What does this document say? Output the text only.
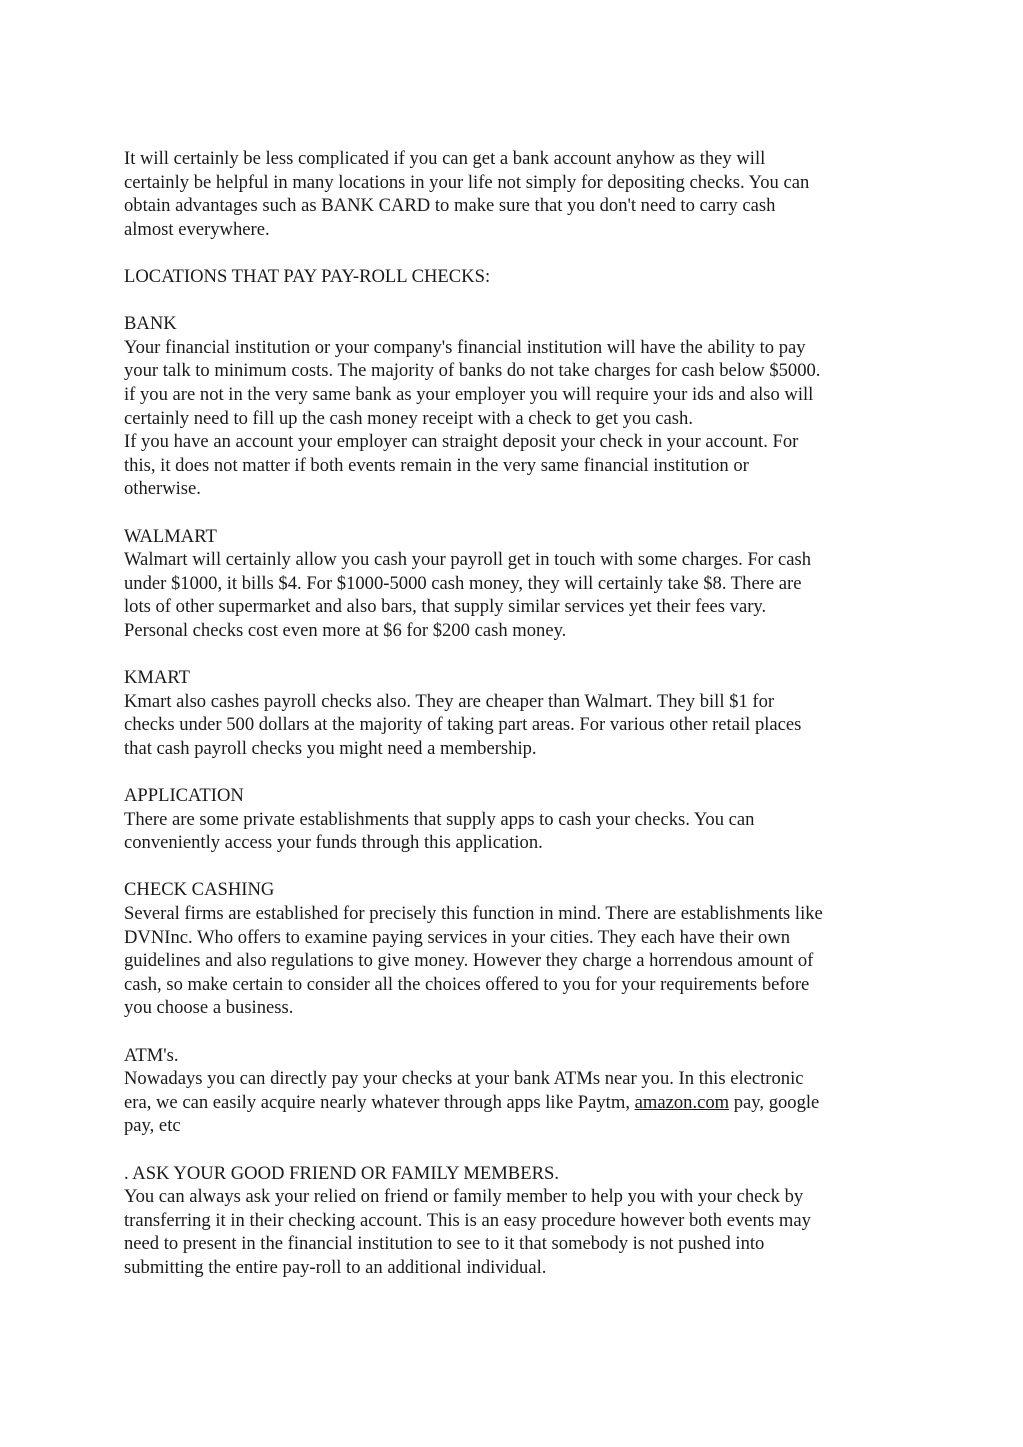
It will certainly be less complicated if you can get a bank account anyhow as they will
certainly be helpful in many locations in your life not simply for depositing checks. You can
obtain advantages such as BANK CARD to make sure that you don't need to carry cash
almost everywhere.

LOCATIONS THAT PAY PAY-ROLL CHECKS:

BANK

Your financial institution or your company's financial institution will have the ability to pay
your talk to minimum costs. The majority of banks do not take charges for cash below $5000.
if you are not in the very same bank as your employer you will require your ids and also will
certainly need to fill up the cash money receipt with a check to get you cash.

If you have an account your employer can straight deposit your check in your account. For
this, it does not matter if both events remain in the very same financial institution or
otherwise.

WALMART

Walmart will certainly allow you cash your payroll get in touch with some charges. For cash
under $1000, it bills $4. For $1000-5000 cash money, they will certainly take $8. There are
lots of other supermarket and also bars, that supply similar services yet their fees vary.
Personal checks cost even more at $6 for $200 cash money.

KMART

Kmart also cashes payroll checks also. They are cheaper than Walmart. They bill $1 for
checks under 500 dollars at the majority of taking part areas. For various other retail places
that cash payroll checks you might need a membership.

APPLICATION

There are some private establishments that supply apps to cash your checks. You can
conveniently access your funds through this application.

CHECK CASHING

Several firms are established for precisely this function in mind. There are establishments like
DVNInc. Who offers to examine paying services in your cities. They each have their own
guidelines and also regulations to give money. However they charge a horrendous amount of
cash, so make certain to consider all the choices offered to you for your requirements before
you choose a business.

ATM's.

Nowadays you can directly pay your checks at your bank ATMs near you. In this electronic
era, we can easily acquire nearly whatever through apps like Paytm, amazon.com pay, google
pay, etc

. ASK YOUR GOOD FRIEND OR FAMILY MEMBERS.

You can always ask your relied on friend or family member to help you with your check by
transferring it in their checking account. This is an easy procedure however both events may
need to present in the financial institution to see to it that somebody is not pushed into
submitting the entire pay-roll to an additional individual.
